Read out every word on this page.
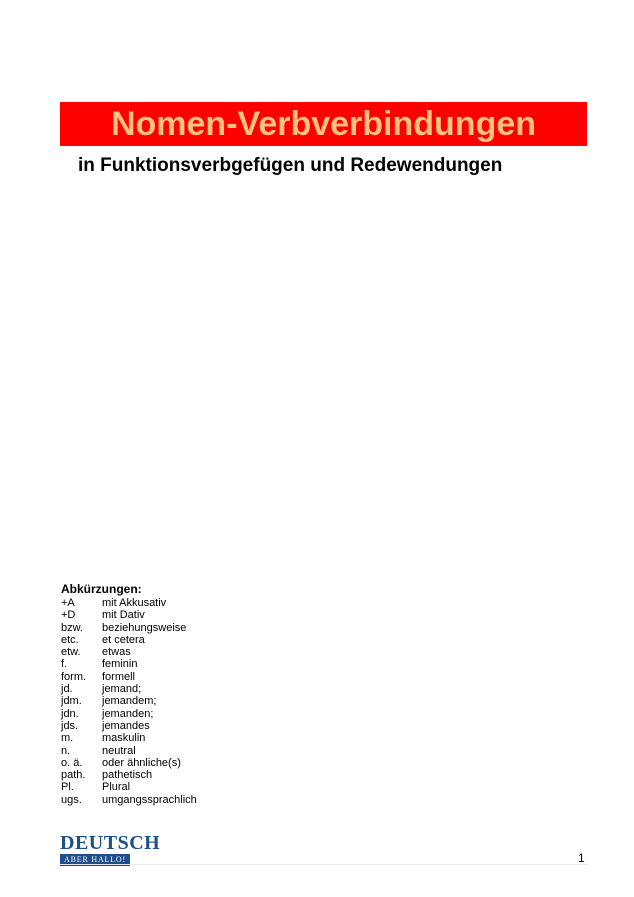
Nomen-Verbverbindungen
in Funktionsverbgefügen und Redewendungen
Abkürzungen:
+A	mit Akkusativ
+D	mit Dativ
bzw.	beziehungsweise
etc.	et cetera
etw.	etwas
f.	feminin
form.	formell
jd.	jemand;
jdm.	jemandem;
jdn.	jemanden;
jds.	jemandes
m.	maskulin
n.	neutral
o. ä.	oder ähnliche(s)
path.	pathetisch
Pl.	Plural
ugs.	umgangssprachlich
DEUTSCH
ABER HALLO!	1
